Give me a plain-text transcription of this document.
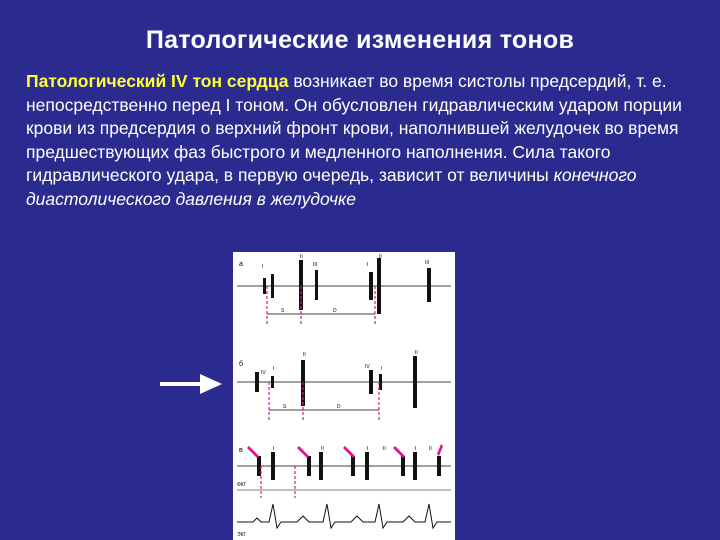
Патологические изменения тонов
Патологический IV тон сердца возникает во время систолы предсердий, т. е. непосредственно перед I тоном. Он обусловлен гидравлическим ударом порции крови из предсердия о верхний фронт крови, наполнившей желудочек во время предшествующих фаз быстрого и медленного наполнения. Сила такого гидравлического удара, в первую очередь, зависит от величины конечного диастолического давления в желудочке
а	I
II
III	I
II
III
S	D
б
IV
I
II
IV I
II
S	D
в	I	II	I	II	I	II
ФКГ
ЭКГ
